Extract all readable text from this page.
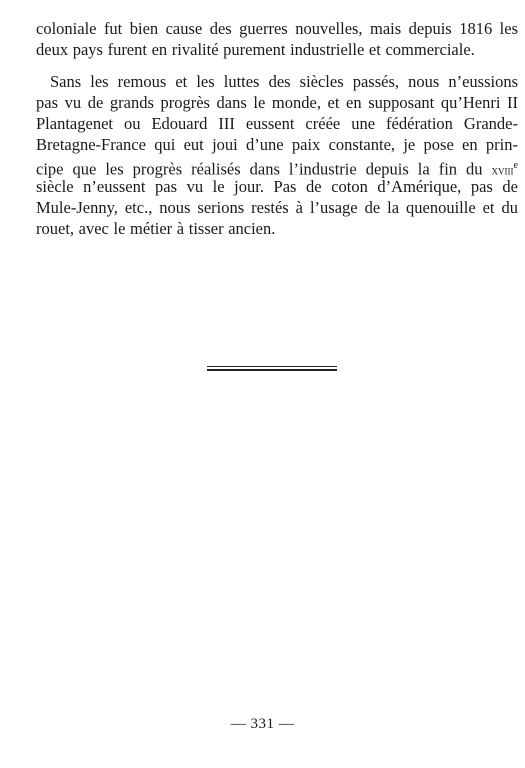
coloniale fut bien cause des guerres nouvelles, mais depuis 1816 les
deux pays furent en rivalité purement industrielle et commerciale.
Sans les remous et les luttes des siècles passés, nous n’eussions
pas vu de grands progrès dans le monde, et en supposant qu’Henri II
Plantagenet ou Edouard III eussent créée une fédération Grande-
Bretagne-France qui eut joui d’une paix constante, je pose en prin-
cipe que les progrès réalisés dans l’industrie depuis la fin du xviii$^e$
siècle n’eussent pas vu le jour. Pas de coton d’Amérique, pas de
Mule-Jenny, etc., nous serions restés à l’usage de la quenouille et du
rouet, avec le métier à tisser ancien.
— 331 —
